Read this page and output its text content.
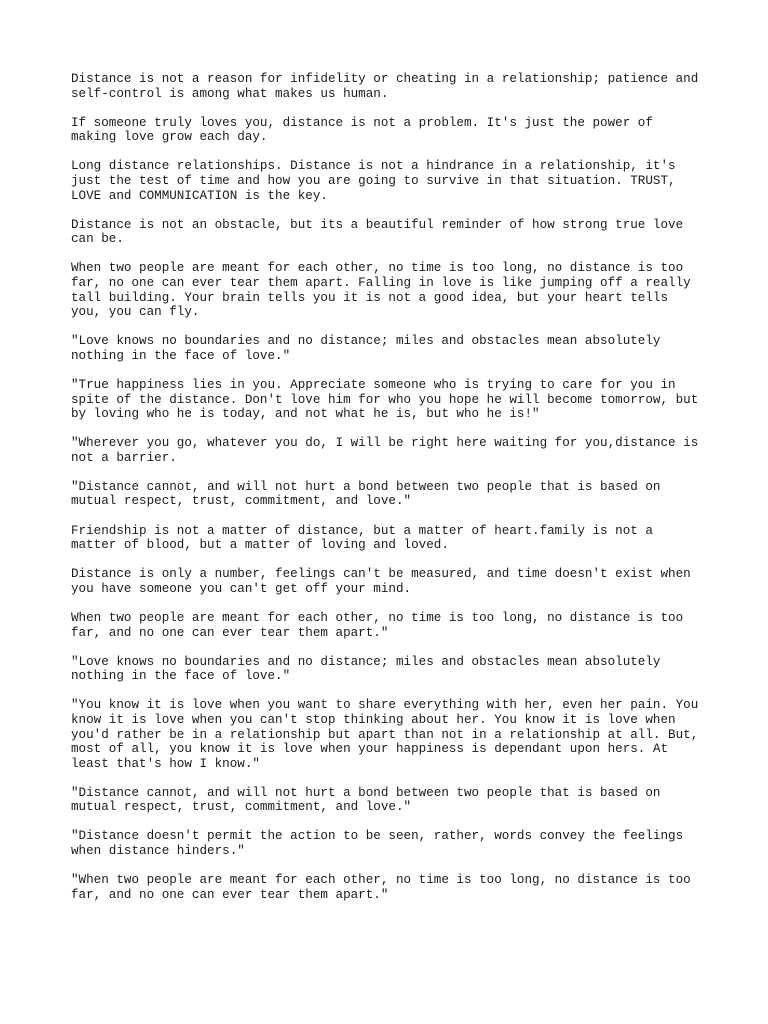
Distance is not a reason for infidelity or cheating in a relationship; patience and
self-control is among what makes us human.

If someone truly loves you, distance is not a problem. It's just the power of
making love grow each day.

Long distance relationships. Distance is not a hindrance in a relationship, it's
just the test of time and how you are going to survive in that situation. TRUST,
LOVE and COMMUNICATION is the key.

Distance is not an obstacle, but its a beautiful reminder of how strong true love
can be.

When two people are meant for each other, no time is too long, no distance is too
far, no one can ever tear them apart. Falling in love is like jumping off a really
tall building. Your brain tells you it is not a good idea, but your heart tells
you, you can fly.

"Love knows no boundaries and no distance; miles and obstacles mean absolutely
nothing in the face of love."

"True happiness lies in you. Appreciate someone who is trying to care for you in
spite of the distance. Don't love him for who you hope he will become tomorrow, but
by loving who he is today, and not what he is, but who he is!"

"Wherever you go, whatever you do, I will be right here waiting for you,distance is
not a barrier.

"Distance cannot, and will not hurt a bond between two people that is based on
mutual respect, trust, commitment, and love."

Friendship is not a matter of distance, but a matter of heart.family is not a
matter of blood, but a matter of loving and loved.

Distance is only a number, feelings can't be measured, and time doesn't exist when
you have someone you can't get off your mind.

When two people are meant for each other, no time is too long, no distance is too
far, and no one can ever tear them apart."

"Love knows no boundaries and no distance; miles and obstacles mean absolutely
nothing in the face of love."

"You know it is love when you want to share everything with her, even her pain. You
know it is love when you can't stop thinking about her. You know it is love when
you'd rather be in a relationship but apart than not in a relationship at all. But,
most of all, you know it is love when your happiness is dependant upon hers. At
least that's how I know."

"Distance cannot, and will not hurt a bond between two people that is based on
mutual respect, trust, commitment, and love."

"Distance doesn't permit the action to be seen, rather, words convey the feelings
when distance hinders."

"When two people are meant for each other, no time is too long, no distance is too
far, and no one can ever tear them apart."
